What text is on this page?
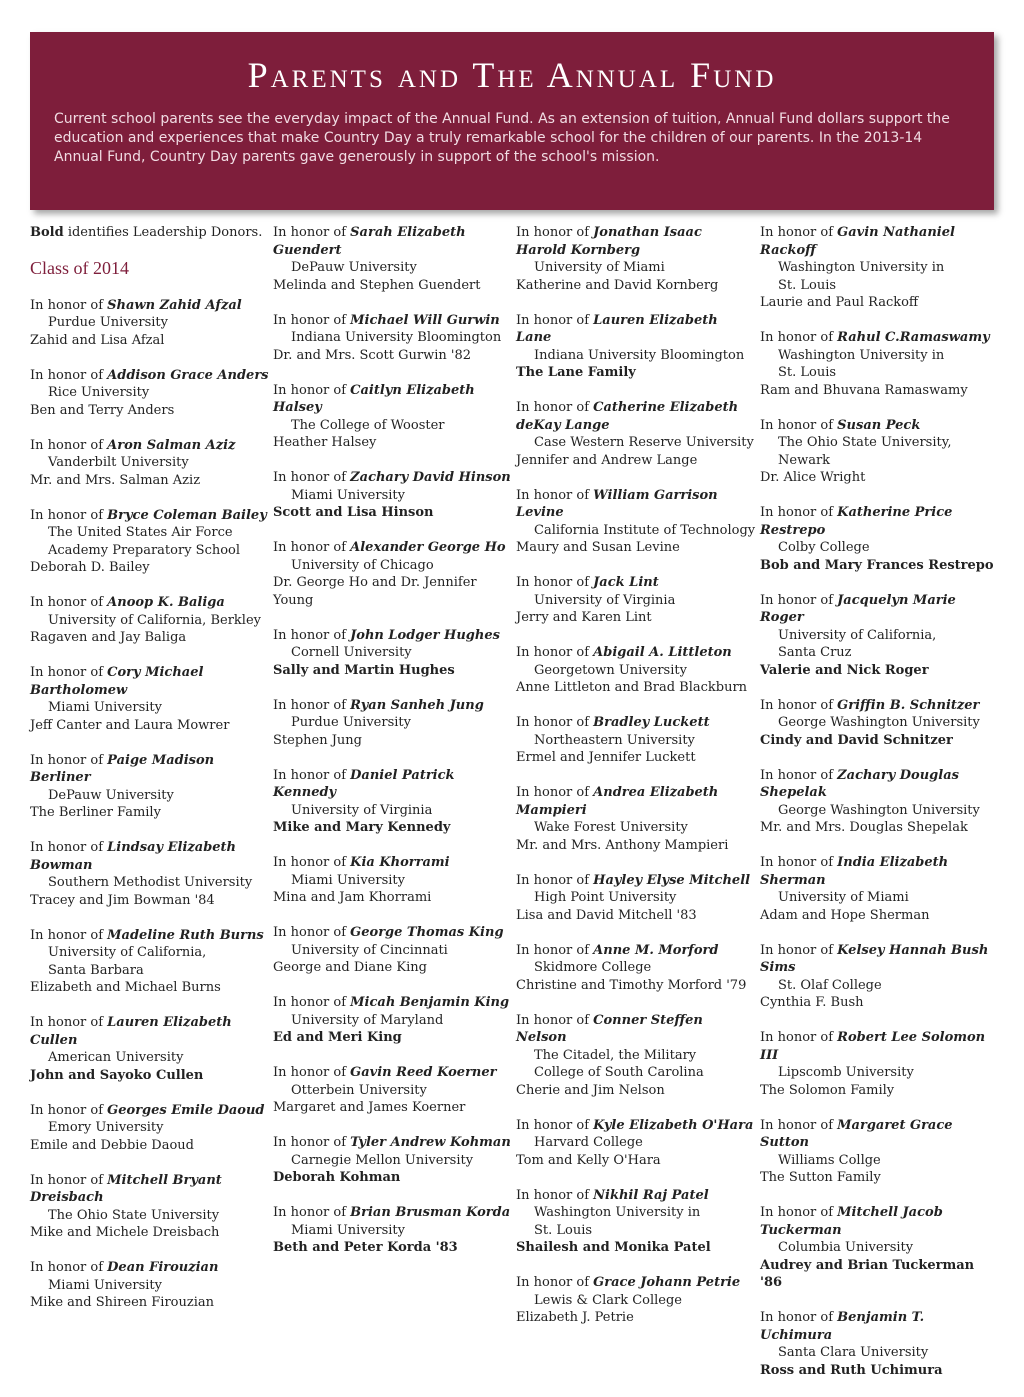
Parents and The Annual Fund

Current school parents see the everyday impact of the Annual Fund. As an extension of tuition, Annual Fund dollars support the education and experiences that make Country Day a truly remarkable school for the children of our parents. In the 2013-14 Annual Fund, Country Day parents gave generously in support of the school's mission.

Bold identifies Leadership Donors.

Class of 2014
In honor of Shawn Zahid Afzal
Purdue University
Zahid and Lisa Afzal
In honor of Addison Grace Anders
Rice University
Ben and Terry Anders
In honor of Aron Salman Aziz
Vanderbilt University
Mr. and Mrs. Salman Aziz
In honor of Bryce Coleman Bailey
The United States Air Force
Academy Preparatory School
Deborah D. Bailey
In honor of Anoop K. Baliga
University of California, Berkley
Ragaven and Jay Baliga
In honor of Cory Michael Bartholomew
Miami University
Jeff Canter and Laura Mowrer
In honor of Paige Madison Berliner
DePauw University
The Berliner Family
In honor of Lindsay Elizabeth Bowman
Southern Methodist University
Tracey and Jim Bowman '84
In honor of Madeline Ruth Burns
University of California,
Santa Barbara
Elizabeth and Michael Burns
In honor of Lauren Elizabeth Cullen
American University
John and Sayoko Cullen
In honor of Georges Emile Daoud
Emory University
Emile and Debbie Daoud
In honor of Mitchell Bryant Dreisbach
The Ohio State University
Mike and Michele Dreisbach
In honor of Dean Firouzian
Miami University
Mike and Shireen Firouzian
In honor of Sarah Elizabeth Guendert
DePauw University
Melinda and Stephen Guendert
In honor of Michael Will Gurwin
Indiana University Bloomington
Dr. and Mrs. Scott Gurwin '82
In honor of Caitlyn Elizabeth Halsey
The College of Wooster
Heather Halsey
In honor of Zachary David Hinson
Miami University
Scott and Lisa Hinson
In honor of Alexander George Ho
University of Chicago
Dr. George Ho and Dr. Jennifer Young
In honor of John Lodger Hughes
Cornell University
Sally and Martin Hughes
In honor of Ryan Sanheh Jung
Purdue University
Stephen Jung
In honor of Daniel Patrick Kennedy
University of Virginia
Mike and Mary Kennedy
In honor of Kia Khorrami
Miami University
Mina and Jam Khorrami
In honor of George Thomas King
University of Cincinnati
George and Diane King
In honor of Micah Benjamin King
University of Maryland
Ed and Meri King
In honor of Gavin Reed Koerner
Otterbein University
Margaret and James Koerner
In honor of Tyler Andrew Kohman
Carnegie Mellon University
Deborah Kohman
In honor of Brian Brusman Korda
Miami University
Beth and Peter Korda '83
In honor of Jonathan Isaac Harold Kornberg
University of Miami
Katherine and David Kornberg
In honor of Lauren Elizabeth Lane
Indiana University Bloomington
The Lane Family
In honor of Catherine Elizabeth deKay Lange
Case Western Reserve University
Jennifer and Andrew Lange
In honor of William Garrison Levine
California Institute of Technology
Maury and Susan Levine
In honor of Jack Lint
University of Virginia
Jerry and Karen Lint
In honor of Abigail A. Littleton
Georgetown University
Anne Littleton and Brad Blackburn
In honor of Bradley Luckett
Northeastern University
Ermel and Jennifer Luckett
In honor of Andrea Elizabeth Mampieri
Wake Forest University
Mr. and Mrs. Anthony Mampieri
In honor of Hayley Elyse Mitchell
High Point University
Lisa and David Mitchell '83
In honor of Anne M. Morford
Skidmore College
Christine and Timothy Morford '79
In honor of Conner Steffen Nelson
The Citadel, the Military
College of South Carolina
Cherie and Jim Nelson
In honor of Kyle Elizabeth O'Hara
Harvard College
Tom and Kelly O'Hara
In honor of Nikhil Raj Patel
Washington University in
St. Louis
Shailesh and Monika Patel
In honor of Grace Johann Petrie
Lewis & Clark College
Elizabeth J. Petrie
In honor of Gavin Nathaniel Rackoff
Washington University in
St. Louis
Laurie and Paul Rackoff
In honor of Rahul C.Ramaswamy
Washington University in
St. Louis
Ram and Bhuvana Ramaswamy
In honor of Susan Peck
The Ohio State University,
Newark
Dr. Alice Wright
In honor of Katherine Price Restrepo
Colby College
Bob and Mary Frances Restrepo
In honor of Jacquelyn Marie Roger
University of California,
Santa Cruz
Valerie and Nick Roger
In honor of Griffin B. Schnitzer
George Washington University
Cindy and David Schnitzer
In honor of Zachary Douglas Shepelak
George Washington University
Mr. and Mrs. Douglas Shepelak
In honor of India Elizabeth Sherman
University of Miami
Adam and Hope Sherman
In honor of Kelsey Hannah Bush Sims
St. Olaf College
Cynthia F. Bush
In honor of Robert Lee Solomon III
Lipscomb University
The Solomon Family
In honor of Margaret Grace Sutton
Williams Collge
The Sutton Family
In honor of Mitchell Jacob Tuckerman
Columbia University
Audrey and Brian Tuckerman '86
In honor of Benjamin T. Uchimura
Santa Clara University
Ross and Ruth Uchimura
